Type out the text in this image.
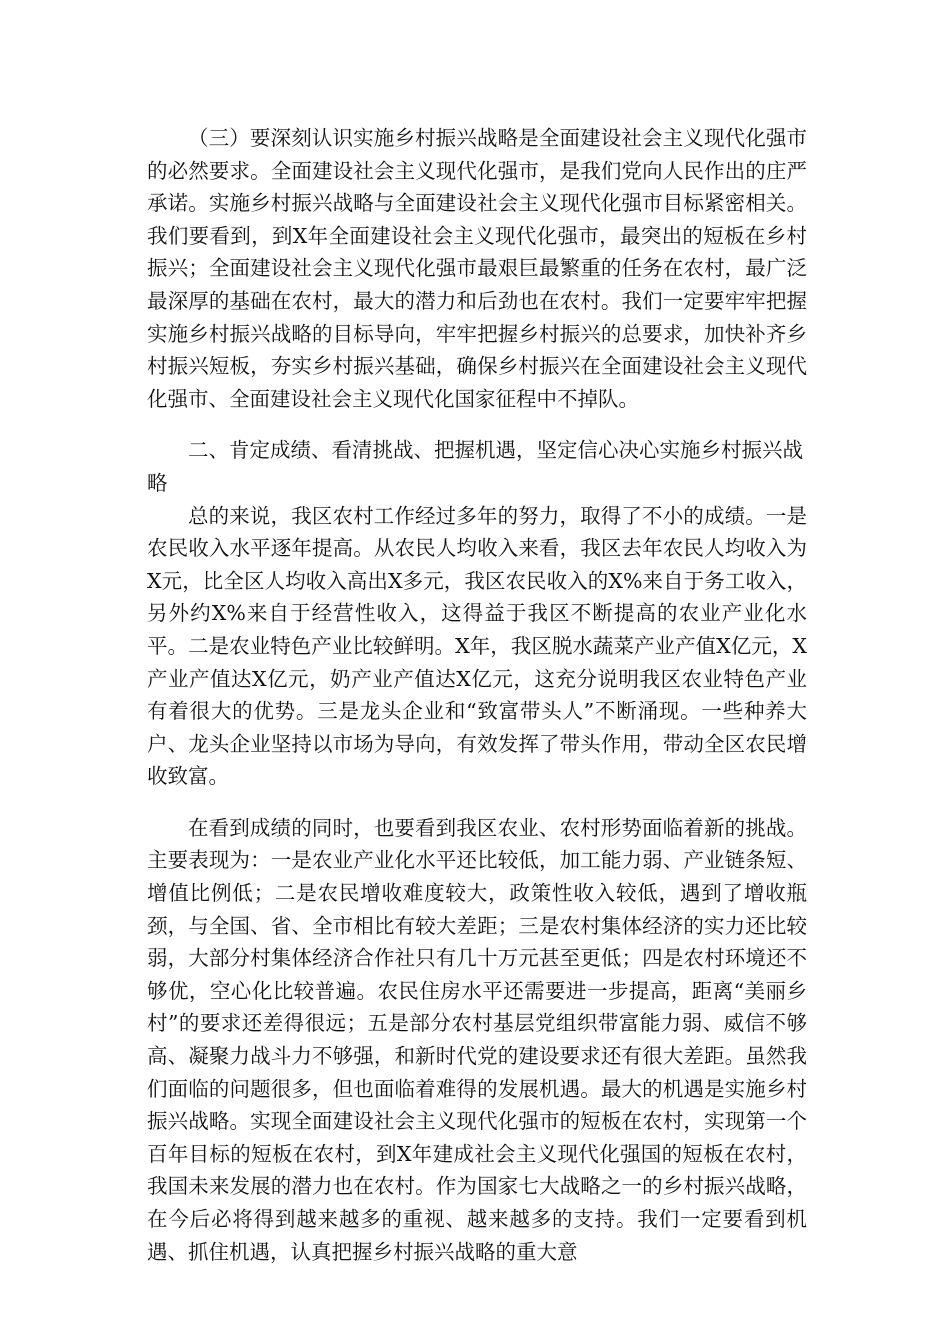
（三）要深刻认识实施乡村振兴战略是全面建设社会主义现代化强市的必然要求。全面建设社会主义现代化强市，是我们党向人民作出的庄严承诺。实施乡村振兴战略与全面建设社会主义现代化强市目标紧密相关。我们要看到，到X年全面建设社会主义现代化强市，最突出的短板在乡村振兴；全面建设社会主义现代化强市最艰巨最繁重的任务在农村，最广泛最深厚的基础在农村，最大的潜力和后劲也在农村。我们一定要牢牢把握实施乡村振兴战略的目标导向，牢牢把握乡村振兴的总要求，加快补齐乡村振兴短板，夯实乡村振兴基础，确保乡村振兴在全面建设社会主义现代化强市、全面建设社会主义现代化国家征程中不掉队。

二、肯定成绩、看清挑战、把握机遇，坚定信心决心实施乡村振兴战略

总的来说，我区农村工作经过多年的努力，取得了不小的成绩。一是农民收入水平逐年提高。从农民人均收入来看，我区去年农民人均收入为X元，比全区人均收入高出X多元，我区农民收入的X%来自于务工收入，另外约X%来自于经营性收入，这得益于我区不断提高的农业产业化水平。二是农业特色产业比较鲜明。X年，我区脱水蔬菜产业产值X亿元，X产业产值达X亿元，奶产业产值达X亿元，这充分说明我区农业特色产业有着很大的优势。三是龙头企业和“致富带头人”不断涌现。一些种养大户、龙头企业坚持以市场为导向，有效发挥了带头作用，带动全区农民增收致富。

在看到成绩的同时，也要看到我区农业、农村形势面临着新的挑战。主要表现为：一是农业产业化水平还比较低，加工能力弱、产业链条短、增值比例低；二是农民增收难度较大，政策性收入较低，遇到了增收瓶颈，与全国、省、全市相比有较大差距；三是农村集体经济的实力还比较弱，大部分村集体经济合作社只有几十万元甚至更低；四是农村环境还不够优，空心化比较普遍。农民住房水平还需要进一步提高，距离“美丽乡村”的要求还差得很远；五是部分农村基层党组织带富能力弱、威信不够高、凝聚力战斗力不够强，和新时代党的建设要求还有很大差距。虽然我们面临的问题很多，但也面临着难得的发展机遇。最大的机遇是实施乡村振兴战略。实现全面建设社会主义现代化强市的短板在农村，实现第一个百年目标的短板在农村，到X年建成社会主义现代化强国的短板在农村，我国未来发展的潜力也在农村。作为国家七大战略之一的乡村振兴战略，在今后必将得到越来越多的重视、越来越多的支持。我们一定要看到机遇、抓住机遇，认真把握乡村振兴战略的重大意
